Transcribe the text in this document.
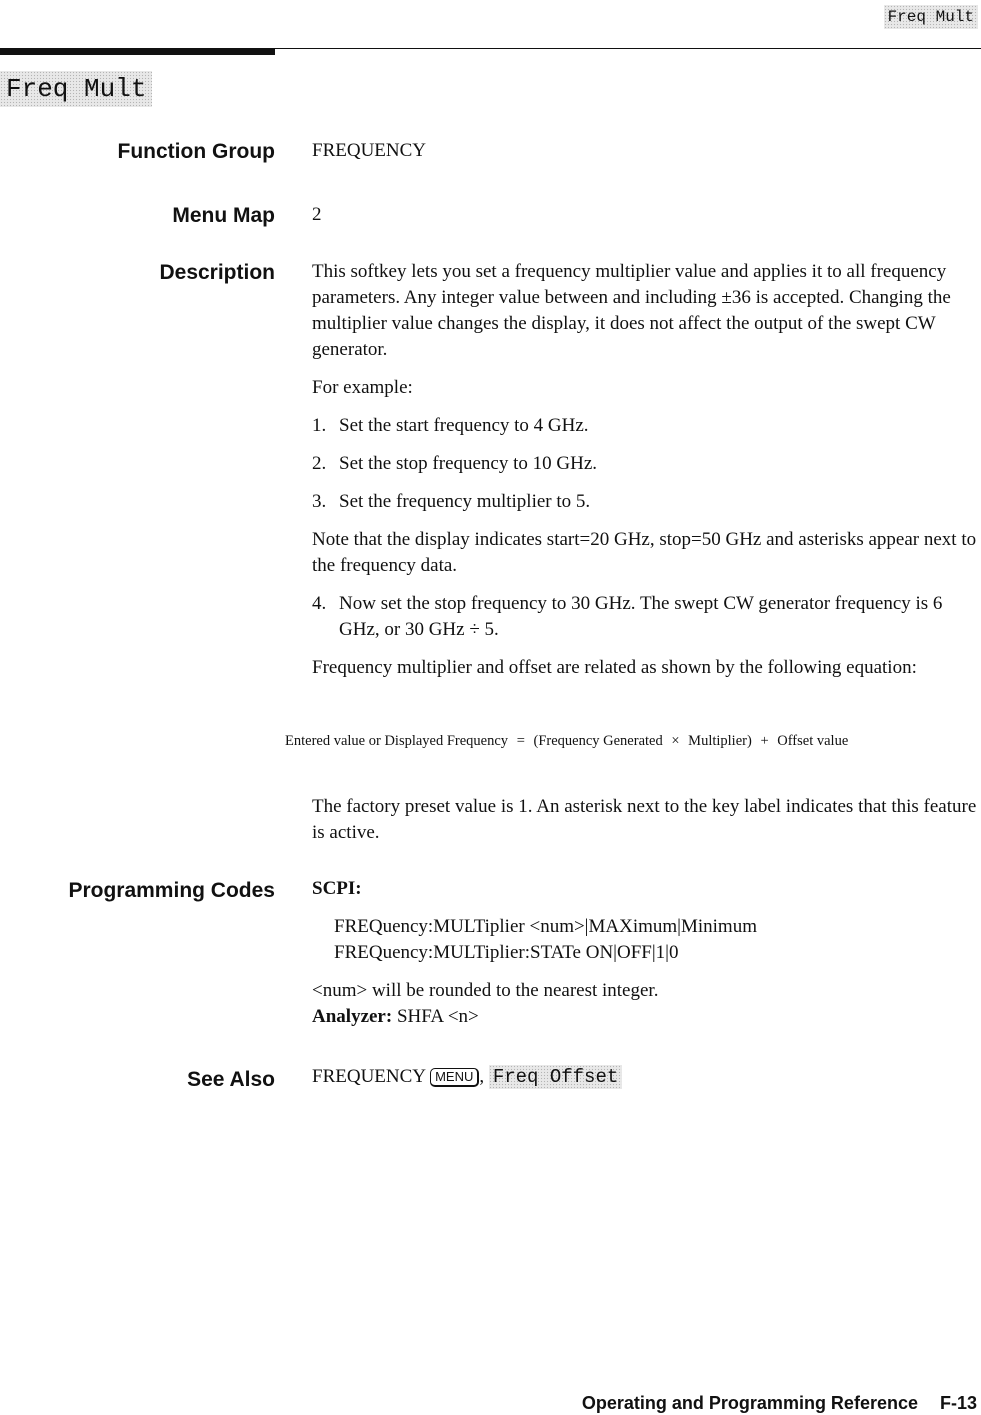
Freq Mult
Freq Mult
Function Group FREQUENCY
Menu Map 2
Description This softkey lets you set a frequency multiplier value and applies it to all frequency parameters. Any integer value between and including ±36 is accepted. Changing the multiplier value changes the display, it does not affect the output of the swept CW generator.

For example:

1. Set the start frequency to 4 GHz.
2. Set the stop frequency to 10 GHz.
3. Set the frequency multiplier to 5.

Note that the display indicates start=20 GHz, stop=50 GHz and asterisks appear next to the frequency data.

4. Now set the stop frequency to 30 GHz. The swept CW generator frequency is 6 GHz, or 30 GHz ÷ 5.

Frequency multiplier and offset are related as shown by the following equation:

Entered value or Displayed Frequency = (Frequency Generated × Multiplier) + Offset value

The factory preset value is 1. An asterisk next to the key label indicates that this feature is active.

Programming Codes SCPI:
FREQuency:MULTiplier <num>|MAXimum|Minimum
FREQuency:MULTiplier:STATe ON|OFF|1|0
<num> will be rounded to the nearest integer.
Analyzer: SHFA <n>
See Also FREQUENCY MENU , Freq Offset
Operating and Programming Reference F-13
